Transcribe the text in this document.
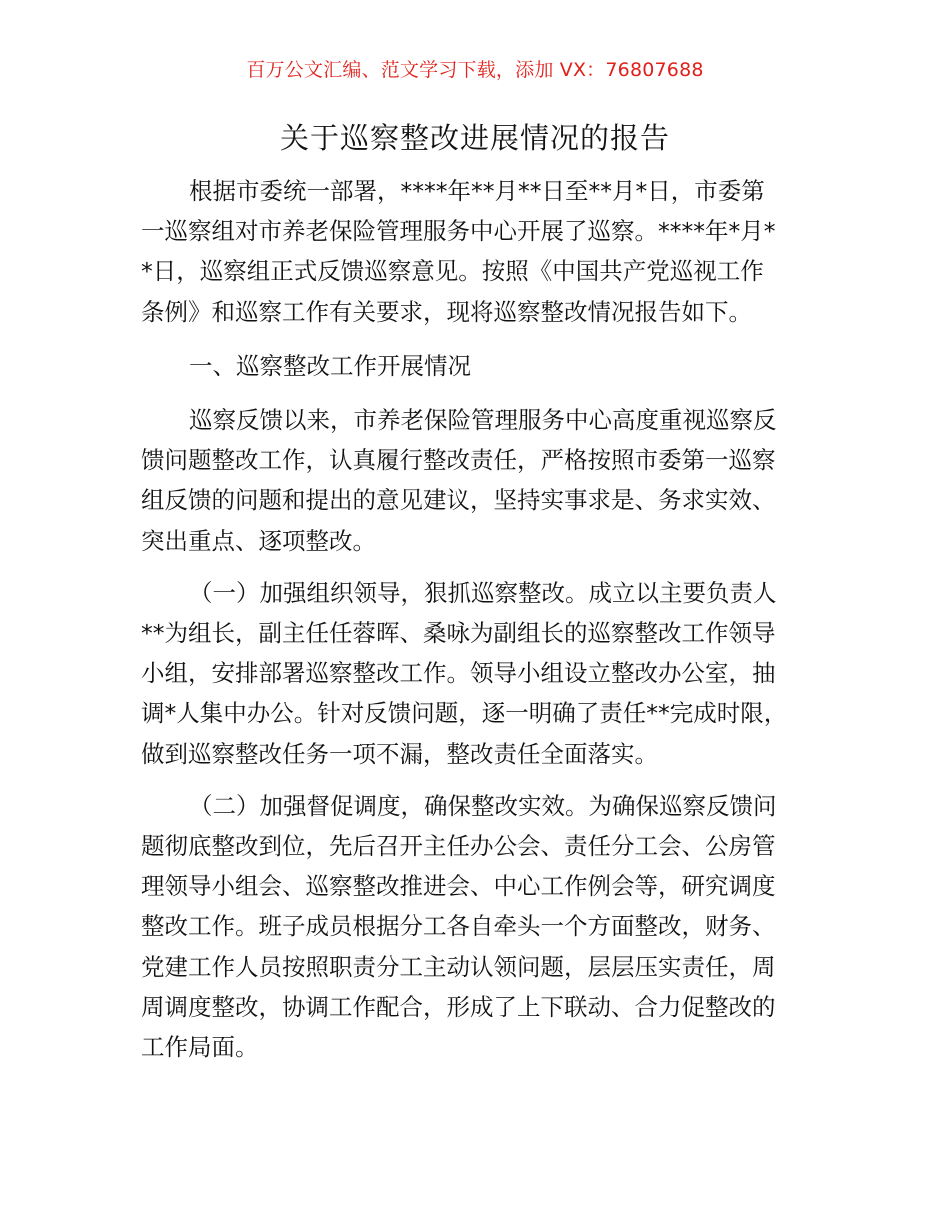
百万公文汇编、范文学习下载，添加 VX：76807688
关于巡察整改进展情况的报告

根据市委统一部署，****年**月**日至**月*日，市委第
一巡察组对市养老保险管理服务中心开展了巡察。****年*月*
*日，巡察组正式反馈巡察意见。按照《中国共产党巡视工作
条例》和巡察工作有关要求，现将巡察整改情况报告如下。

一、巡察整改工作开展情况

巡察反馈以来，市养老保险管理服务中心高度重视巡察反
馈问题整改工作，认真履行整改责任，严格按照市委第一巡察
组反馈的问题和提出的意见建议，坚持实事求是、务求实效、
突出重点、逐项整改。

（一）加强组织领导，狠抓巡察整改。成立以主要负责人
**为组长，副主任任蓉晖、桑咏为副组长的巡察整改工作领导
小组，安排部署巡察整改工作。领导小组设立整改办公室，抽
调*人集中办公。针对反馈问题，逐一明确了责任**完成时限，
做到巡察整改任务一项不漏，整改责任全面落实。

（二）加强督促调度，确保整改实效。为确保巡察反馈问
题彻底整改到位，先后召开主任办公会、责任分工会、公房管
理领导小组会、巡察整改推进会、中心工作例会等，研究调度
整改工作。班子成员根据分工各自牵头一个方面整改，财务、
党建工作人员按照职责分工主动认领问题，层层压实责任，周
周调度整改，协调工作配合，形成了上下联动、合力促整改的
工作局面。
